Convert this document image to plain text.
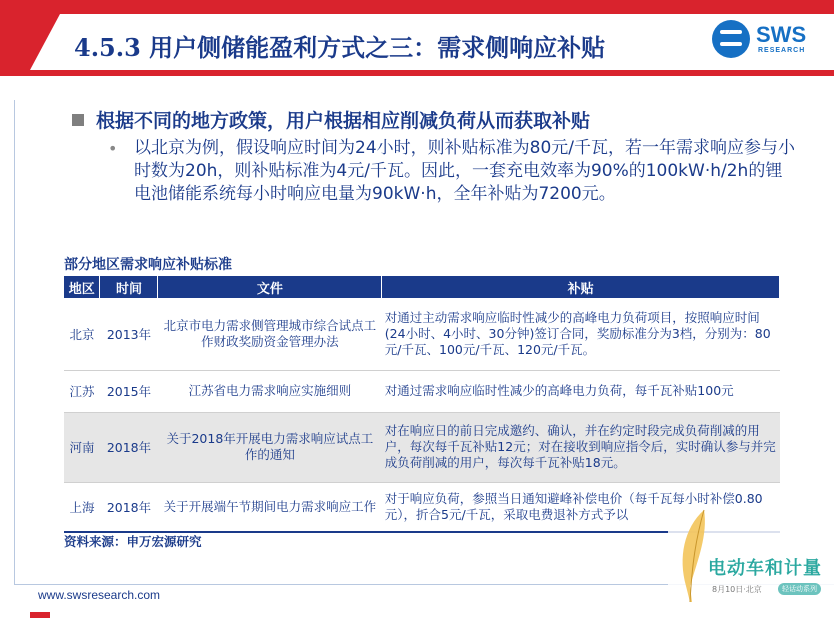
4.5.3 用户侧储能盈利方式之三：需求侧响应补贴	SWS
RESEARCH
根据不同的地方政策，用户根据相应削减负荷从而获取补贴
• 以北京为例，假设响应时间为24小时，则补贴标准为80元/千瓦，若一年需求响应参与小时数为20h，则补贴标准为4元/千瓦。因此，一套充电效率为90%的100kW·h/2h的锂电池储能系统每小时响应电量为90kW·h，全年补贴为7200元。
部分地区需求响应补贴标准
地区	时间	文件	补贴
北京	2013年	北京市电力需求侧管理城市综合试点工作财政奖励资金管理办法	对通过主动需求响应临时性减少的高峰电力负荷项目，按照响应时间(24小时、4小时、30分钟)签订合同，奖励标准分为3档，分别为：80元/千瓦、100元/千瓦、120元/千瓦。
江苏	2015年	江苏省电力需求响应实施细则	对通过需求响应临时性减少的高峰电力负荷，每千瓦补贴100元
河南	2018年	关于2018年开展电力需求响应试点工作的通知	对在响应日的前日完成邀约、确认，并在约定时段完成负荷削减的用户，每次每千瓦补贴12元；对在接收到响应指令后，实时确认参与并完成负荷削减的用户，每次每千瓦补贴18元。
上海	2018年	关于开展端午节期间电力需求响应工作	对于响应负荷，参照当日通知避峰补偿电价（每千瓦每小时补偿0.80元），折合5元/千瓦，采取电费退补方式予以
资料来源：申万宏源研究
www.swsresearch.com
电动车和计量
8月10日·北京	轻话动系列
